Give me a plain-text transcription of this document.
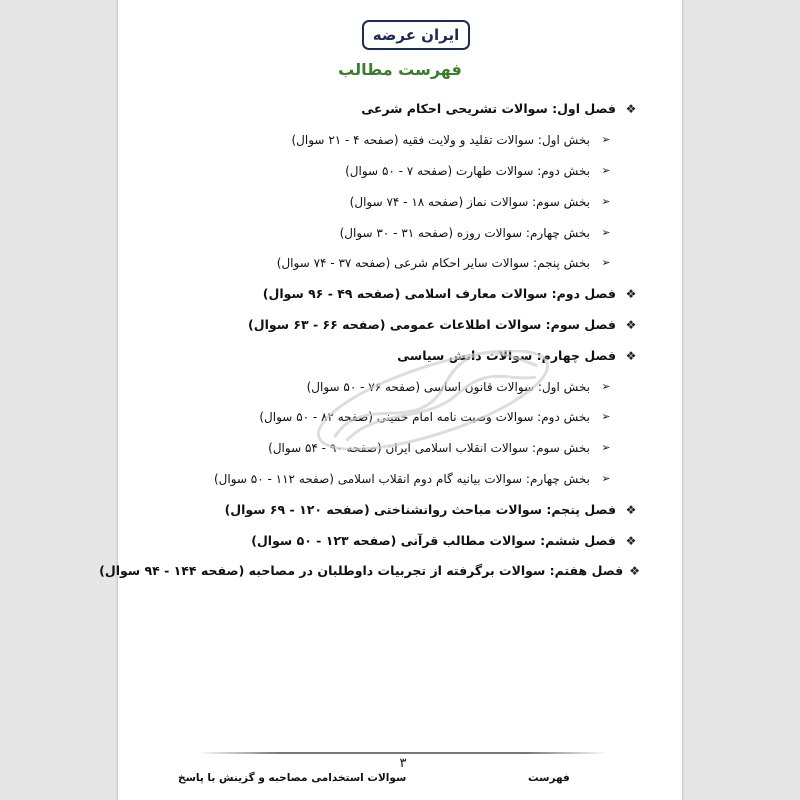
ایران عرضه
فهرست مطالب
❖
فصل اول: سوالات تشریحی احکام شرعی
➢
بخش اول: سوالات تقلید و ولایت فقیه (صفحه ۴ - ۲۱ سوال)
➢
بخش دوم: سوالات طهارت (صفحه ۷ - ۵۰ سوال)
➢
بخش سوم: سوالات نماز (صفحه ۱۸ - ۷۴ سوال)
➢
بخش چهارم: سوالات روزه (صفحه ۳۱ - ۳۰ سوال)
➢
بخش پنجم: سوالات سایر احکام شرعی (صفحه ۳۷ - ۷۴ سوال)
❖
فصل دوم: سوالات معارف اسلامی (صفحه ۴۹ - ۹۶ سوال)
❖
فصل سوم: سوالات اطلاعات عمومی (صفحه ۶۶ - ۶۳ سوال)
❖
فصل چهارم: سوالات دانش سیاسی
➢
بخش اول: سوالات قانون اساسی (صفحه ۷۶ - ۵۰ سوال)
➢
بخش دوم: سوالات وصیت نامه امام خمینی (صفحه ۸۲ - ۵۰ سوال)
➢
بخش سوم: سوالات انقلاب اسلامی ایران (صفحه ۹۰ - ۵۴ سوال)
➢
بخش چهارم: سوالات بیانیه گام دوم انقلاب اسلامی (صفحه ۱۱۲ - ۵۰ سوال)
❖
فصل پنجم: سوالات مباحث روانشناختی (صفحه ۱۲۰ - ۶۹ سوال)
❖
فصل ششم: سوالات مطالب قرآنی (صفحه ۱۲۳ - ۵۰ سوال)
❖
فصل هفتم: سوالات برگرفته از تجربیات داوطلبان در مصاحبه (صفحه ۱۴۴ - ۹۴ سوال)
۳
سوالات استخدامی مصاحبه و گزینش با پاسخ	فهرست
